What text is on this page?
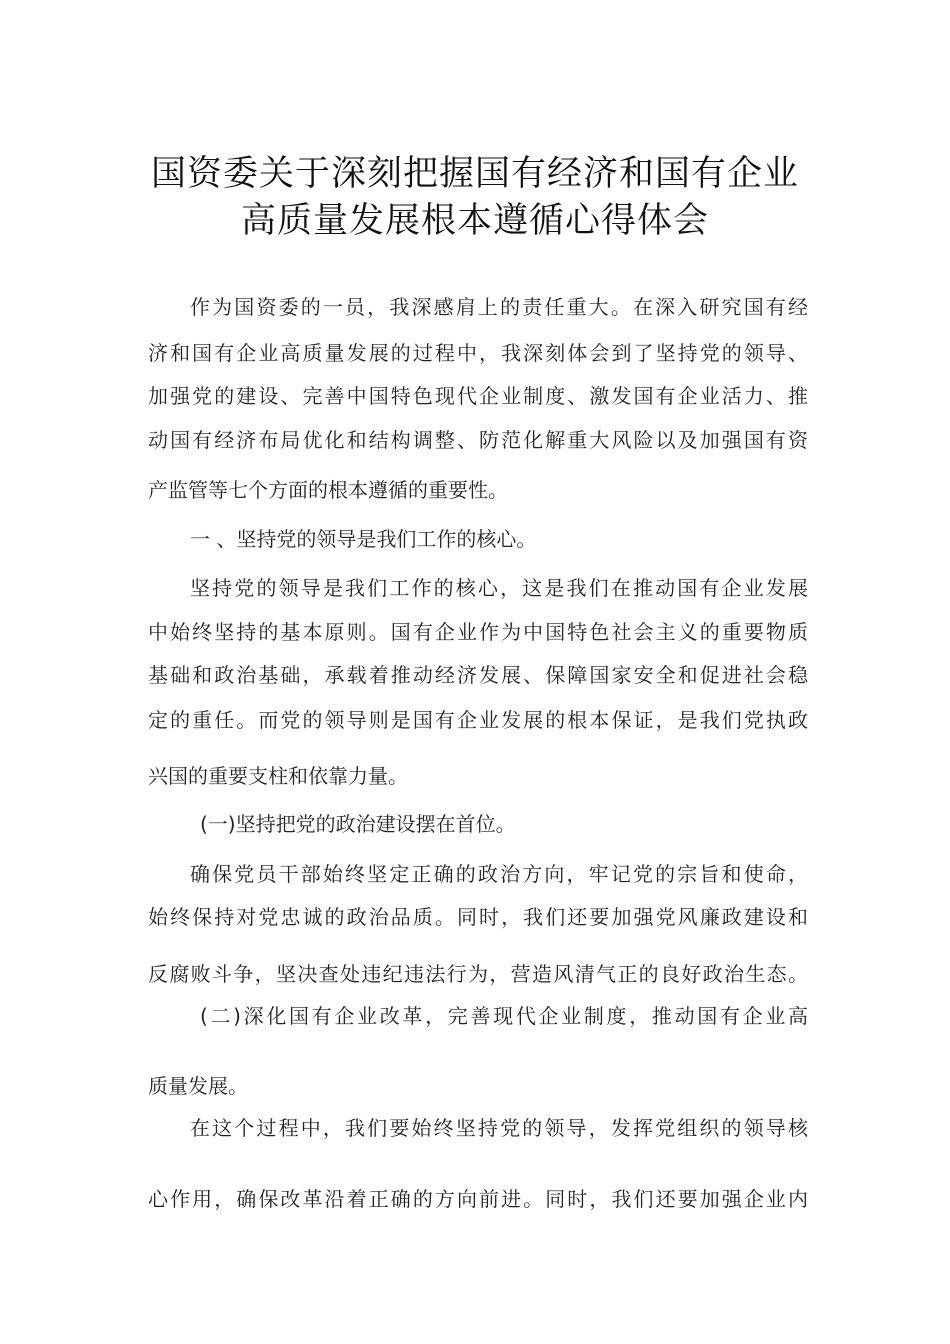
国资委关于深刻把握国有经济和国有企业
高质量发展根本遵循心得体会
作为国资委的一员，我深感肩上的责任重大。在深入研究国有经
济和国有企业高质量发展的过程中，我深刻体会到了坚持党的领导、
加强党的建设、完善中国特色现代企业制度、激发国有企业活力、推
动国有经济布局优化和结构调整、防范化解重大风险以及加强国有资
产监管等七个方面的根本遵循的重要性。
一 、坚持党的领导是我们工作的核心。
坚持党的领导是我们工作的核心，这是我们在推动国有企业发展
中始终坚持的基本原则。国有企业作为中国特色社会主义的重要物质
基础和政治基础，承载着推动经济发展、保障国家安全和促进社会稳
定的重任。而党的领导则是国有企业发展的根本保证，是我们党执政
兴国的重要支柱和依靠力量。
(一)坚持把党的政治建设摆在首位。
确保党员干部始终坚定正确的政治方向，牢记党的宗旨和使命，
始终保持对党忠诚的政治品质。同时，我们还要加强党风廉政建设和
反腐败斗争，坚决查处违纪违法行为，营造风清气正的良好政治生态。
(二)深化国有企业改革，完善现代企业制度，推动国有企业高
质量发展。
在这个过程中，我们要始终坚持党的领导，发挥党组织的领导核
心作用，确保改革沿着正确的方向前进。同时，我们还要加强企业内
